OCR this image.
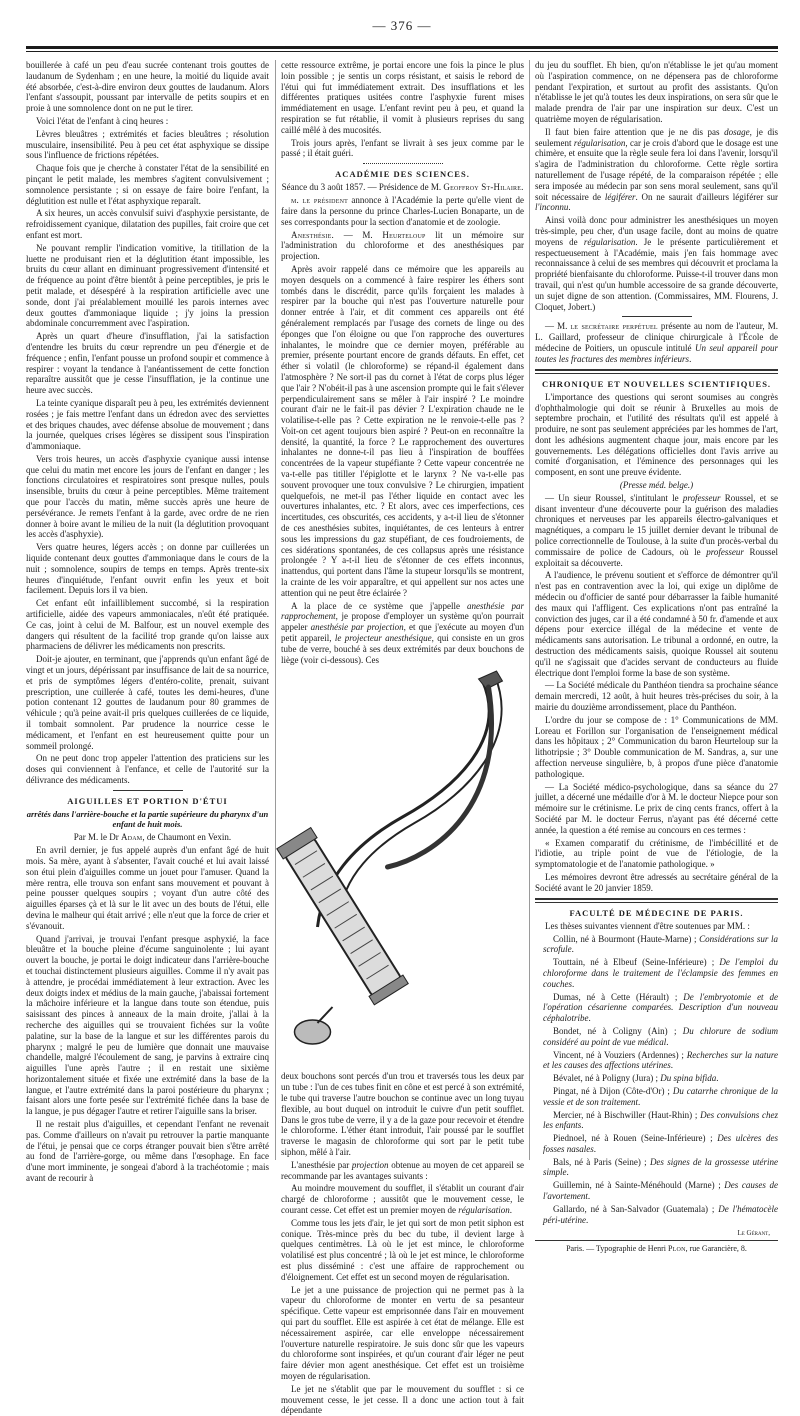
— 376 —

bouillerée à café un peu d'eau sucrée contenant trois gouttes de laudanum de Sydenham ; en une heure, la moitié du liquide avait été absorbée, c'est-à-dire environ deux gouttes de laudanum. Alors l'enfant s'assoupit, poussant par intervalle de petits soupirs et en proie à une somnolence dont on ne put le tirer.

Voici l'état de l'enfant à cinq heures :

Lèvres bleuâtres ; extrémités et facies bleuâtres ; résolution musculaire, insensibilité. Peu à peu cet état asphyxique se dissipe sous l'influence de frictions répétées.

Chaque fois que je cherche à constater l'état de la sensibilité en pinçant le petit malade, les membres s'agitent convulsivement ; somnolence persistante ; si on essaye de faire boire l'enfant, la déglutition est nulle et l'état asphyxique reparaît.

A six heures, un accès convulsif suivi d'asphyxie persistante, de refroidissement cyanique, dilatation des pupilles, fait croire que cet enfant est mort.

Ne pouvant remplir l'indication vomitive, la titillation de la luette ne produisant rien et la déglutition étant impossible, les bruits du cœur allant en diminuant progressivement d'intensité et de fréquence au point d'être bientôt à peine perceptibles, je pris le petit malade, et désespéré à la respiration artificielle avec une sonde, dont j'ai préalablement mouillé les parois internes avec deux gouttes d'ammoniaque liquide ; j'y joins la pression abdominale concurremment avec l'aspiration.

Après un quart d'heure d'insufflation, j'ai la satisfaction d'entendre les bruits du cœur reprendre un peu d'énergie et de fréquence ; enfin, l'enfant pousse un profond soupir et commence à respirer : voyant la tendance à l'anéantissement de cette fonction reparaître aussitôt que je cesse l'insufflation, je la continue une heure avec succès.

La teinte cyanique disparaît peu à peu, les extrémités deviennent rosées ; je fais mettre l'enfant dans un édredon avec des serviettes et des briques chaudes, avec défense absolue de mouvement ; dans la journée, quelques crises légères se dissipent sous l'inspiration d'ammoniaque.

Vers trois heures, un accès d'asphyxie cyanique aussi intense que celui du matin met encore les jours de l'enfant en danger ; les fonctions circulatoires et respiratoires sont presque nulles, pouls insensible, bruits du cœur à peine perceptibles. Même traitement que pour l'accès du matin, même succès après une heure de persévérance. Je remets l'enfant à la garde, avec ordre de ne rien donner à boire avant le milieu de la nuit (la déglutition provoquant les accès d'asphyxie).

Vers quatre heures, légers accès ; on donne par cuillerées un liquide contenant deux gouttes d'ammoniaque dans le cours de la nuit ; somnolence, soupirs de temps en temps. Après trente-six heures d'inquiétude, l'enfant ouvrit enfin les yeux et boit facilement. Depuis lors il va bien.

Cet enfant eût infailliblement succombé, si la respiration artificielle, aidée des vapeurs ammoniacales, n'eût été pratiquée. Ce cas, joint à celui de M. Balfour, est un nouvel exemple des dangers qui résultent de la facilité trop grande qu'on laisse aux pharmaciens de délivrer les médicaments non prescrits.

Doit-je ajouter, en terminant, que j'apprends qu'un enfant âgé de vingt et un jours, dépérissant par insuffisance de lait de sa nourrice, et pris de symptômes légers d'entéro-colite, prenait, suivant prescription, une cuillerée à café, toutes les demi-heures, d'une potion contenant 12 gouttes de laudanum pour 80 grammes de véhicule ; qu'à peine avait-il pris quelques cuillerées de ce liquide, il tombait somnolent. Par prudence la nourrice cesse le médicament, et l'enfant en est heureusement quitte pour un sommeil prolongé.

On ne peut donc trop appeler l'attention des praticiens sur les doses qui conviennent à l'enfance, et celle de l'autorité sur la délivrance des médicaments.

AIGUILLES ET PORTION D'ÉTUI
arrêtés dans l'arrière-bouche et la partie supérieure du pharynx d'un enfant de huit mois.

Par M. le Dr Adam, de Chaumont en Vexin.

En avril dernier, je fus appelé auprès d'un enfant âgé de huit mois. Sa mère, ayant à s'absenter, l'avait couché et lui avait laissé son étui plein d'aiguilles comme un jouet pour l'amuser. Quand la mère rentra, elle trouva son enfant sans mouvement et pouvant à peine pousser quelques soupirs ; voyant d'un autre côté des aiguilles éparses çà et là sur le lit avec un des bouts de l'étui, elle devina le malheur qui était arrivé ; elle n'eut que la force de crier et s'évanouit.

Quand j'arrivai, je trouvai l'enfant presque asphyxié, la face bleuâtre et la bouche pleine d'écume sanguinolente ; lui ayant ouvert la bouche, je portai le doigt indicateur dans l'arrière-bouche et touchai distinctement plusieurs aiguilles. Comme il n'y avait pas à attendre, je procédai immédiatement à leur extraction. Avec les deux doigts index et médius de la main gauche, j'abaissai fortement la mâchoire inférieure et la langue dans toute son étendue, puis saisissant des pinces à anneaux de la main droite, j'allai à la recherche des aiguilles qui se trouvaient fichées sur la voûte palatine, sur la base de la langue et sur les différentes parois du pharynx ; malgré le peu de lumière que donnait une mauvaise chandelle, malgré l'écoulement de sang, je parvins à extraire cinq aiguilles l'une après l'autre ; il en restait une sixième horizontalement située et fixée une extrémité dans la base de la langue, et l'autre extrémité dans la paroi postérieure du pharynx ; faisant alors une forte pesée sur l'extrémité fichée dans la base de la langue, je pus dégager l'autre et retirer l'aiguille sans la briser.

Il ne restait plus d'aiguilles, et cependant l'enfant ne revenait pas. Comme d'ailleurs on n'avait pu retrouver la partie manquante de l'étui, je pensai que ce corps étranger pouvait bien s'être arrêté au fond de l'arrière-gorge, ou même dans l'œsophage. En face d'une mort imminente, je songeai d'abord à la trachéotomie ; mais avant de recourir à

cette ressource extrême, je portai encore une fois la pince le plus loin possible ; je sentis un corps résistant, et saisis le rebord de l'étui qui fut immédiatement extrait. Des insufflations et les différentes pratiques usitées contre l'asphyxie furent mises immédiatement en usage. L'enfant revint peu à peu, et quand la respiration se fut rétablie, il vomit à plusieurs reprises du sang caillé mêlé à des mucosités.

Trois jours après, l'enfant se livrait à ses jeux comme par le passé ; il était guéri.

ACADÉMIE DES SCIENCES.

Séance du 3 août 1857. — Présidence de M. Geoffroy St-Hilaire.

m. le président annonce à l'Académie la perte qu'elle vient de faire dans la personne du prince Charles-Lucien Bonaparte, un de ses correspondants pour la section d'anatomie et de zoologie.

Anesthésie. — M. Heurteloup lit un mémoire sur l'administration du chloroforme et des anesthésiques par projection.

Après avoir rappelé dans ce mémoire que les appareils au moyen desquels on a commencé à faire respirer les éthers sont tombés dans le discrédit, parce qu'ils forçaient les malades à respirer par la bouche qui n'est pas l'ouverture naturelle pour donner entrée à l'air, et dit comment ces appareils ont été généralement remplacés par l'usage des cornets de linge ou des éponges que l'on éloigne ou que l'on rapproche des ouvertures inhalantes, le moindre que ce dernier moyen, préférable au premier, présente pourtant encore de grands défauts. En effet, cet éther si volatil (le chloroforme) se répand-il également dans l'atmosphère ? Ne sort-il pas du cornet à l'état de corps plus léger que l'air ? N'obéit-il pas à une ascension prompte qui le fait s'élever perpendiculairement sans se mêler à l'air inspiré ? Le moindre courant d'air ne le fait-il pas dévier ? L'expiration chaude ne le volatilise-t-elle pas ? Cette expiration ne le renvoie-t-elle pas ? Voit-on cet agent toujours bien aspiré ? Peut-on en reconnaître la densité, la quantité, la force ? Le rapprochement des ouvertures inhalantes ne donne-t-il pas lieu à l'inspiration de bouffées concentrées de la vapeur stupéfiante ? Cette vapeur concentrée ne va-t-elle pas titiller l'épiglotte et le larynx ? Ne va-t-elle pas souvent provoquer une toux convulsive ? Le chirurgien, impatient quelquefois, ne met-il pas l'éther liquide en contact avec les ouvertures inhalantes, etc. ? Et alors, avec ces imperfections, ces incertitudes, ces obscurités, ces accidents, y a-t-il lieu de s'étonner de ces anesthésies subites, inquiétantes, de ces lenteurs à entrer sous les impressions du gaz stupéfiant, de ces foudroiements, de ces sidérations spontanées, de ces collapsus après une résistance prolongée ? Y a-t-il lieu de s'étonner de ces effets inconnus, inattendus, qui portent dans l'âme la stupeur lorsqu'ils se montrent, la crainte de les voir apparaître, et qui appellent sur nos actes une attention qui ne peut être éclairée ?

A la place de ce système que j'appelle anesthésie par rapprochement, je propose d'employer un système qu'on pourrait appeler anesthésie par projection, et que j'exécute au moyen d'un petit appareil, le projecteur anesthésique, qui consiste en un gros tube de verre, bouché à ses deux extrémités par deux bouchons de liège (voir ci-dessous). Ces

deux bouchons sont percés d'un trou et traversés tous les deux par un tube : l'un de ces tubes finit en cône et est percé à son extrémité, le tube qui traverse l'autre bouchon se continue avec un long tuyau flexible, au bout duquel on introduit le cuivre d'un petit soufflet. Dans le gros tube de verre, il y a de la gaze pour recevoir et étendre le chloroforme. L'éther étant introduit, l'air poussé par le soufflet traverse le magasin de chloroforme qui sort par le petit tube siphon, mêlé à l'air.

L'anesthésie par projection obtenue au moyen de cet appareil se recommande par les avantages suivants :

Au moindre mouvement du soufflet, il s'établit un courant d'air chargé de chloroforme ; aussitôt que le mouvement cesse, le courant cesse. Cet effet est un premier moyen de régularisation.

Comme tous les jets d'air, le jet qui sort de mon petit siphon est conique. Très-mince près du bec du tube, il devient large à quelques centimètres. Là où le jet est mince, le chloroforme volatilisé est plus concentré ; là où le jet est mince, le chloroforme est plus disséminé : c'est une affaire de rapprochement ou d'éloignement. Cet effet est un second moyen de régularisation.

Le jet a une puissance de projection qui ne permet pas à la vapeur du chloroforme de monter en vertu de sa pesanteur spécifique. Cette vapeur est emprisonnée dans l'air en mouvement qui part du soufflet. Elle est aspirée à cet état de mélange. Elle est nécessairement aspirée, car elle enveloppe nécessairement l'ouverture naturelle respiratoire. Je suis donc sûr que les vapeurs du chloroforme sont inspirées, et qu'un courant d'air léger ne peut faire dévier mon agent anesthésique. Cet effet est un troisième moyen de régularisation.

Le jet ne s'établit que par le mouvement du soufflet : si ce mouvement cesse, le jet cesse. Il a donc une action tout à fait dépendante

du jeu du soufflet. Eh bien, qu'on n'établisse le jet qu'au moment où l'aspiration commence, on ne dépensera pas de chloroforme pendant l'expiration, et surtout au profit des assistants. Qu'on n'établisse le jet qu'à toutes les deux inspirations, on sera sûr que le malade prendra de l'air par une inspiration sur deux. C'est un quatrième moyen de régularisation.

Il faut bien faire attention que je ne dis pas dosage, je dis seulement régularisation, car je crois d'abord que le dosage est une chimère, et ensuite que la règle seule fera loi dans l'avenir, lorsqu'il s'agira de l'administration du chloroforme. Cette règle sortira naturellement de l'usage répété, de la comparaison répétée ; elle sera imposée au médecin par son sens moral seulement, sans qu'il soit nécessaire de légiférer. On ne saurait d'ailleurs légiférer sur l'inconnu.

Ainsi voilà donc pour administrer les anesthésiques un moyen très-simple, peu cher, d'un usage facile, dont au moins de quatre moyens de régularisation. Je le présente particulièrement et respectueusement à l'Académie, mais j'en fais hommage avec reconnaissance à celui de ses membres qui découvrit et proclama la propriété bienfaisante du chloroforme. Puisse-t-il trouver dans mon travail, qui n'est qu'un humble accessoire de sa grande découverte, un sujet digne de son attention. (Commissaires, MM. Flourens, J. Cloquet, Jobert.)

— M. le secrétaire perpétuel présente au nom de l'auteur, M. L. Gaillard, professeur de clinique chirurgicale à l'École de médecine de Poitiers, un opuscule intitulé Un seul appareil pour toutes les fractures des membres inférieurs.

CHRONIQUE ET NOUVELLES SCIENTIFIQUES.

L'importance des questions qui seront soumises au congrès d'ophthalmologie qui doit se réunir à Bruxelles au mois de septembre prochain, et l'utilité des résultats qu'il est appelé à produire, ne sont pas seulement appréciées par les hommes de l'art, dont les adhésions augmentent chaque jour, mais encore par les gouvernements. Les délégations officielles dont l'avis arrive au comité d'organisation, et l'éminence des personnages qui les composent, en sont une preuve évidente.

(Presse méd. belge.)

— Un sieur Roussel, s'intitulant le professeur Roussel, et se disant inventeur d'une découverte pour la guérison des maladies chroniques et nerveuses par les appareils électro-galvaniques et magnétiques, a comparu le 15 juillet dernier devant le tribunal de police correctionnelle de Toulouse, à la suite d'un procès-verbal du commissaire de police de Cadours, où le professeur Roussel exploitait sa découverte.

A l'audience, le prévenu soutient et s'efforce de démontrer qu'il n'est pas en contravention avec la loi, qui exige un diplôme de médecin ou d'officier de santé pour débarrasser la faible humanité des maux qui l'affligent. Ces explications n'ont pas entraîné la conviction des juges, car il a été condamné à 50 fr. d'amende et aux dépens pour exercice illégal de la médecine et vente de médicaments sans autorisation. Le tribunal a ordonné, en outre, la destruction des médicaments saisis, quoique Roussel ait soutenu qu'il ne s'agissait que d'acides servant de conducteurs au fluide électrique dont l'emploi forme la base de son système.

— La Société médicale du Panthéon tiendra sa prochaine séance demain mercredi, 12 août, à huit heures très-précises du soir, à la mairie du douzième arrondissement, place du Panthéon.

L'ordre du jour se compose de : 1° Communications de MM. Loreau et Forillon sur l'organisation de l'enseignement médical dans les hôpitaux ; 2° Communication du baron Heurteloup sur la lithotripsie ; 3° Double communication de M. Sandras, a, sur une affection nerveuse singulière, b, à propos d'une pièce d'anatomie pathologique.

— La Société médico-psychologique, dans sa séance du 27 juillet, a décerné une médaille d'or à M. le docteur Niepce pour son mémoire sur le crétinisme. Le prix de cinq cents francs, offert à la Société par M. le docteur Ferrus, n'ayant pas été décerné cette année, la question a été remise au concours en ces termes :

« Examen comparatif du crétinisme, de l'imbécillité et de l'idiotie, au triple point de vue de l'étiologie, de la symptomatologie et de l'anatomie pathologique. »

Les mémoires devront être adressés au secrétaire général de la Société avant le 20 janvier 1859.

FACULTÉ DE MÉDECINE DE PARIS.

Les thèses suivantes viennent d'être soutenues par MM. :

Collin, né à Bourmont (Haute-Marne) ; Considérations sur la scrofule.

Touttain, né à Elbeuf (Seine-Inférieure) ; De l'emploi du chloroforme dans le traitement de l'éclampsie des femmes en couches.

Dumas, né à Cette (Hérault) ; De l'embryotomie et de l'opération césarienne comparées. Description d'un nouveau céphalotribe.

Bondet, né à Coligny (Ain) ; Du chlorure de sodium considéré au point de vue médical.

Vincent, né à Vouziers (Ardennes) ; Recherches sur la nature et les causes des affections utérines.

Bévalet, né à Poligny (Jura) ; Du spina bifida.

Pingat, né à Dijon (Côte-d'Or) ; Du catarrhe chronique de la vessie et de son traitement.

Mercier, né à Bischwiller (Haut-Rhin) ; Des convulsions chez les enfants.

Piednoel, né à Rouen (Seine-Inférieure) ; Des ulcères des fosses nasales.

Bals, né à Paris (Seine) ; Des signes de la grossesse utérine simple.

Guillemin, né à Sainte-Ménéhould (Marne) ; Des causes de l'avortement.

Gallardo, né à San-Salvador (Guatemala) ; De l'hématocèle péri-utérine.

Le Gérant,
Paris. — Typographie de Henri Plon, rue Garancière, 8.
